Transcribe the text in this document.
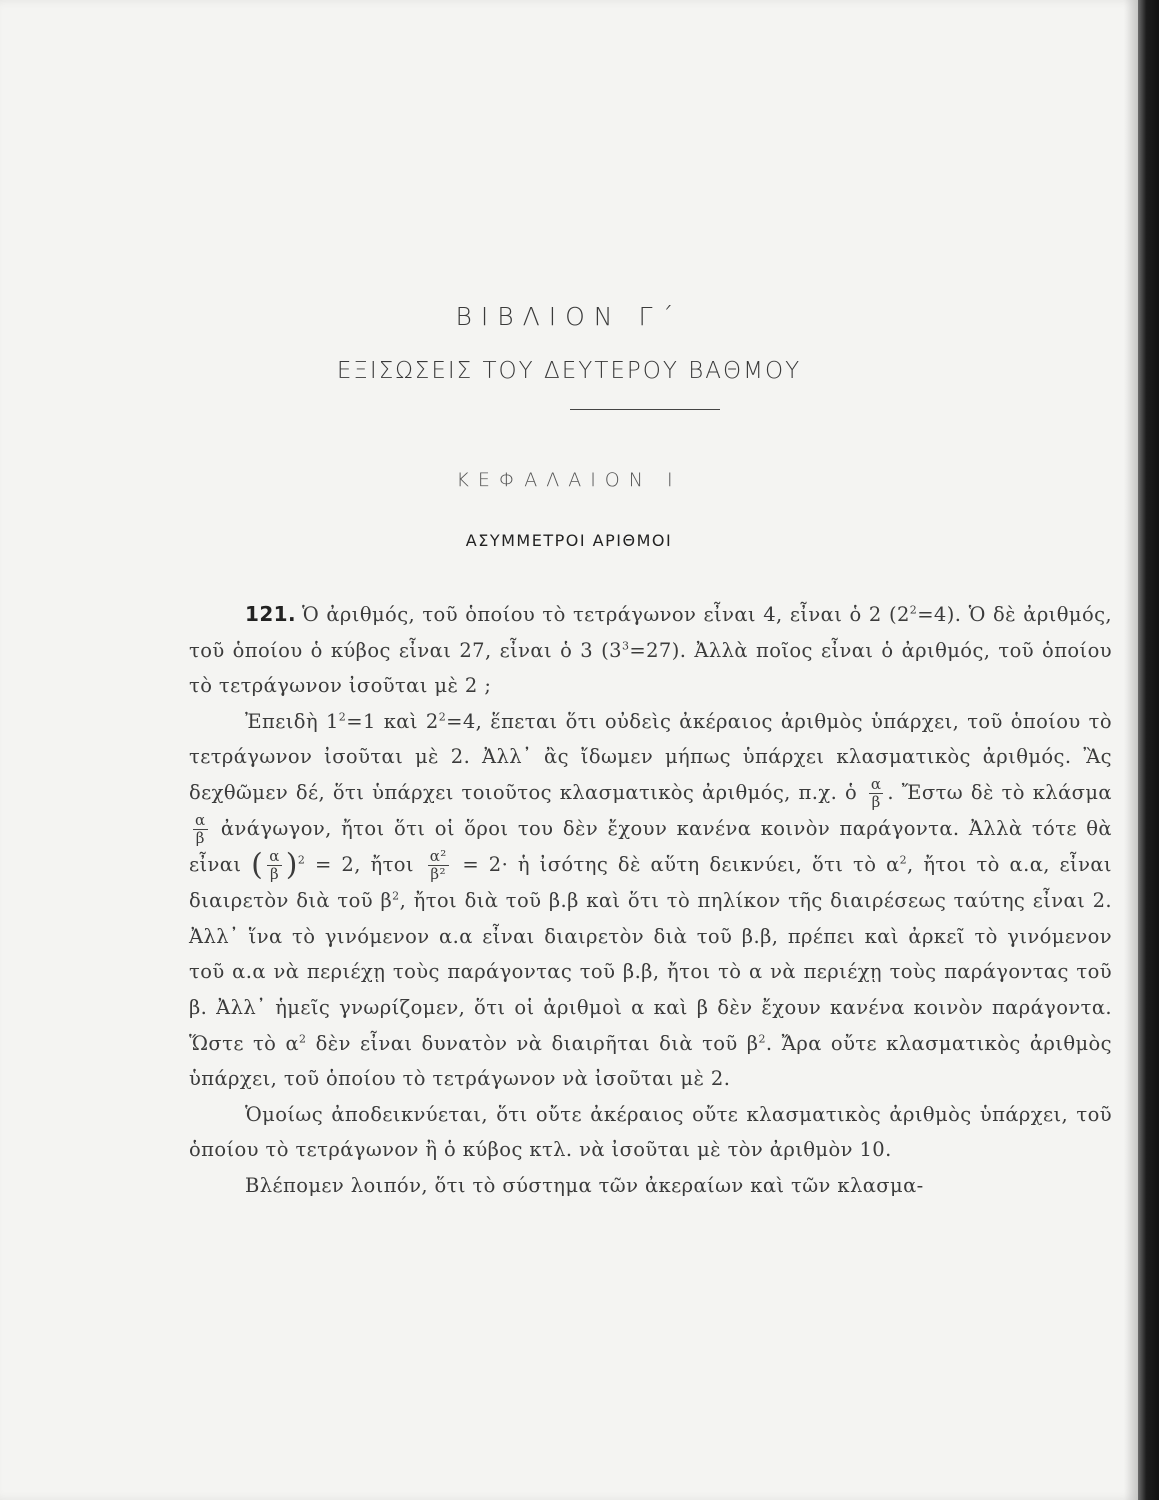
ΒΙΒΛΙΟΝ Γ΄
ΕΞΙΣΩΣΕΙΣ ΤΟΥ ΔΕΥΤΕΡΟΥ ΒΑΘΜΟΥ
ΚΕΦΑΛΑΙΟΝ Ι
ΑΣΥΜΜΕΤΡΟΙ ΑΡΙΘΜΟΙ

121. Ὁ ἀριθμός, τοῦ ὁποίου τὸ τετράγωνον εἶναι 4, εἶναι ὁ 2 $(2^2=4)$. Ὁ δὲ ἀριθμός, τοῦ ὁποίου ὁ κύβος εἶναι 27, εἶναι ὁ 3 $(3^3=27)$. Ἀλλὰ ποῖος εἶναι ὁ ἀριθμός, τοῦ ὁποίου τὸ τετράγωνον ἰσοῦται μὲ 2 ;

Ἐπειδὴ $1^2=1$ καὶ $2^2=4$, ἕπεται ὅτι οὐδεὶς ἀκέραιος ἀριθμὸς ὑπάρχει, τοῦ ὁποίου τὸ τετράγωνον ἰσοῦται μὲ 2. Ἀλλ᾿ ἂς ἴδωμεν μήπως ὑπάρχει κλασματικὸς ἀριθμός. Ἂς δεχθῶμεν δέ, ὅτι ὑπάρχει τοιοῦτος κλασματικὸς ἀριθμός, π.χ. ὁ $\frac{\alpha}{\beta}$ . Ἔστω δὲ τὸ κλάσμα
$\frac{\alpha}{\beta}$ ἀνάγωγον, ἤτοι ὅτι οἱ ὅροι του δὲν ἔχουν κανένα κοινὸν παράγοντα. Ἀλλὰ τότε θὰ εἶναι ( $\frac{\alpha}{\beta} )^2 = 2$, ἤτοι $\frac{\text{α²}}{\text{β²}} = 2\cdot$ ἡ ἰσότης δὲ αὕτη δεικνύει, ὅτι τὸ $\alpha^2$, ἤτοι τὸ α.α, εἶναι διαιρετὸν διὰ τοῦ $\beta^2$, ἤτοι διὰ τοῦ β.β καὶ ὅτι τὸ πηλίκον τῆς διαιρέσεως ταύτης εἶναι 2. Ἀλλ᾿ ἵνα τὸ γινόμενον α.α εἶναι διαιρετὸν διὰ τοῦ β.β, πρέπει καὶ ἀρκεῖ τὸ γινόμενον τοῦ α.α νὰ περιέχῃ τοὺς παράγοντας τοῦ β.β, ἤτοι τὸ α νὰ περιέχῃ τοὺς παράγοντας τοῦ β. Ἀλλ᾿ ἡμεῖς γνωρίζομεν, ὅτι οἱ ἀριθμοὶ α καὶ β δὲν ἔχουν κανένα κοινὸν παράγοντα. Ὥστε τὸ $\alpha^2$ δὲν εἶναι δυνατὸν νὰ διαιρῆται διὰ τοῦ $\beta^2$. Ἄρα οὔτε κλασματικὸς ἀριθμὸς ὑπάρχει, τοῦ ὁποίου τὸ τετράγωνον νὰ ἰσοῦται μὲ 2.

Ὁμοίως ἀποδεικνύεται, ὅτι οὔτε ἀκέραιος οὔτε κλασματικὸς ἀριθμὸς ὑπάρχει, τοῦ ὁποίου τὸ τετράγωνον ἢ ὁ κύβος κτλ. νὰ ἰσοῦται μὲ τὸν ἀριθμὸν 10.

Βλέπομεν λοιπόν, ὅτι τὸ σύστημα τῶν ἀκεραίων καὶ τῶν κλασμα-
